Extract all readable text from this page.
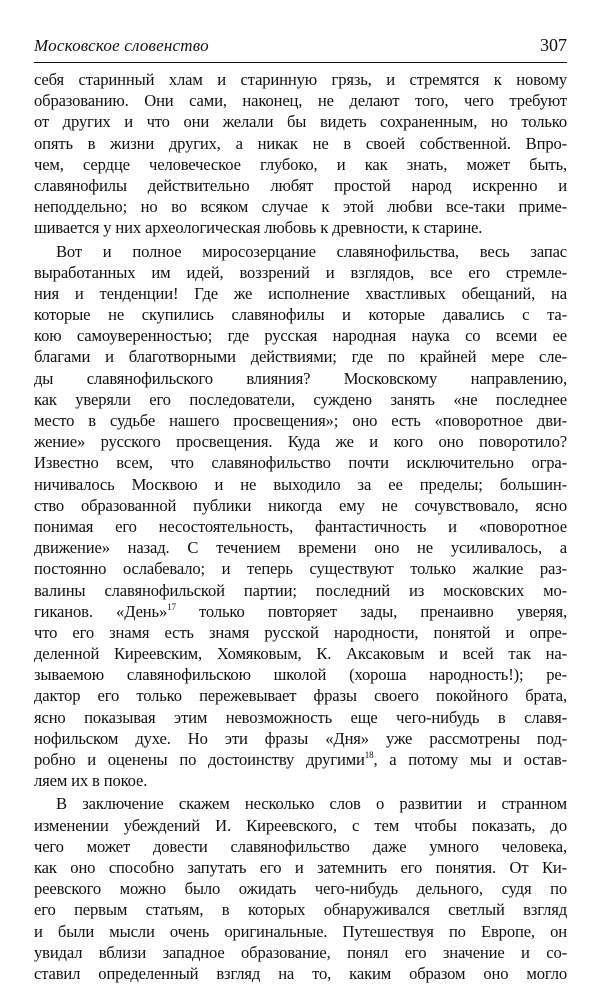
Московское словенство	307
себя старинный хлам и старинную грязь, и стремятся к новому
образованию. Они сами, наконец, не делают того, чего требуют
от других и что они желали бы видеть сохраненным, но только
опять в жизни других, а никак не в своей собственной. Впро-
чем, сердце человеческое глубоко, и как знать, может быть,
славянофилы действительно любят простой народ искренно и
неподдельно; но во всяком случае к этой любви все-таки приме-
шивается у них археологическая любовь к древности, к старине.
Вот и полное миросозерцание славянофильства, весь запас
выработанных им идей, воззрений и взглядов, все его стремле-
ния и тенденции! Где же исполнение хвастливых обещаний, на
которые не скупились славянофилы и которые давались с та-
кою самоуверенностью; где русская народная наука со всеми ее
благами и благотворными действиями; где по крайней мере сле-
ды славянофильского влияния? Московскому направлению,
как уверяли его последователи, суждено занять «не последнее
место в судьбе нашего просвещения»; оно есть «поворотное дви-
жение» русского просвещения. Куда же и кого оно поворотило?
Известно всем, что славянофильство почти исключительно огра-
ничивалось Москвою и не выходило за ее пределы; большин-
ство образованной публики никогда ему не сочувствовало, ясно
понимая его несостоятельность, фантастичность и «поворотное
движение» назад. С течением времени оно не усиливалось, а
постоянно ослабевало; и теперь существуют только жалкие раз-
валины славянофильской партии; последний из московских мо-
гиканов. «День»$^{17}$ только повторяет зады, пренаивно уверяя,
что его знамя есть знамя русской народности, понятой и опре-
деленной Киреевским, Хомяковым, К. Аксаковым и всей так на-
зываемою славянофильскою школой (хороша народность!); ре-
дактор его только пережевывает фразы своего покойного брата,
ясно показывая этим невозможность еще чего-нибудь в славя-
нофильском духе. Но эти фразы «Дня» уже рассмотрены под-
робно и оценены по достоинству другими$^{18}$, а потому мы и остав-
ляем их в покое.
В заключение скажем несколько слов о развитии и странном
изменении убеждений И. Киреевского, с тем чтобы показать, до
чего может довести славянофильство даже умного человека,
как оно способно запутать его и затемнить его понятия. От Ки-
реевского можно было ожидать чего-нибудь дельного, судя по
его первым статьям, в которых обнаруживался светлый взгляд
и были мысли очень оригинальные. Путешествуя по Европе, он
увидал вблизи западное образование, понял его значение и со-
ставил определенный взгляд на то, каким образом оно могло
